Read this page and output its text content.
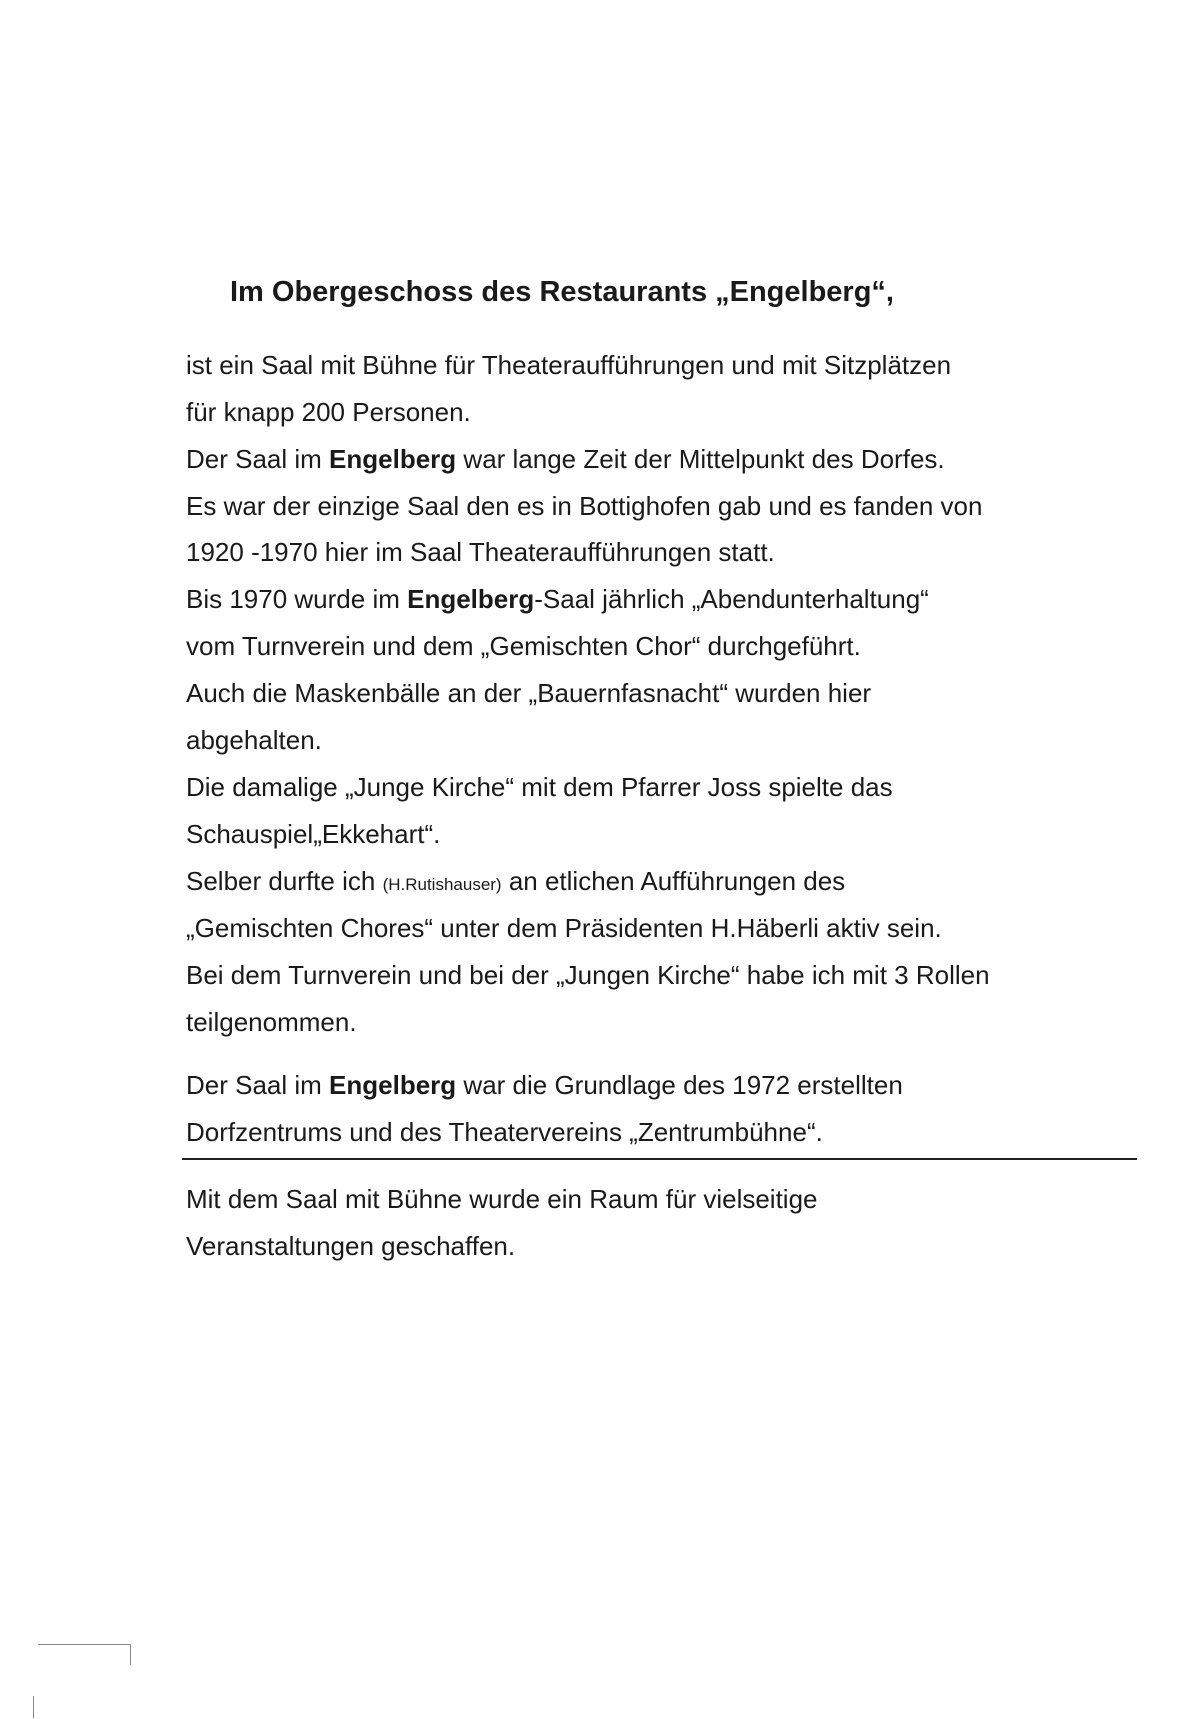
Im Obergeschoss des Restaurants „Engelberg“,
ist ein Saal mit Bühne für Theateraufführungen und mit Sitzplätzen
für knapp 200 Personen.
Der Saal im Engelberg war lange Zeit der Mittelpunkt des Dorfes.
Es war der einzige Saal den es in Bottighofen gab und es fanden von
1920 -1970 hier im Saal Theateraufführungen statt.
Bis 1970 wurde im Engelberg-Saal jährlich „Abendunterhaltung“
vom Turnverein und dem „Gemischten Chor“ durchgeführt.
Auch die Maskenbälle an der „Bauernfasnacht“ wurden hier
abgehalten.
Die damalige „Junge Kirche“ mit dem Pfarrer Joss spielte das
Schauspiel„Ekkehart“.
Selber durfte ich (H.Rutishauser) an etlichen Aufführungen des
„Gemischten Chores“ unter dem Präsidenten H.Häberli aktiv sein.
Bei dem Turnverein und bei der „Jungen Kirche“ habe ich mit 3 Rollen
teilgenommen.
Der Saal im Engelberg war die Grundlage des 1972 erstellten
Dorfzentrums und des Theatervereins „Zentrumbühne“.
Mit dem Saal mit Bühne wurde ein Raum für vielseitige
Veranstaltungen geschaffen.
